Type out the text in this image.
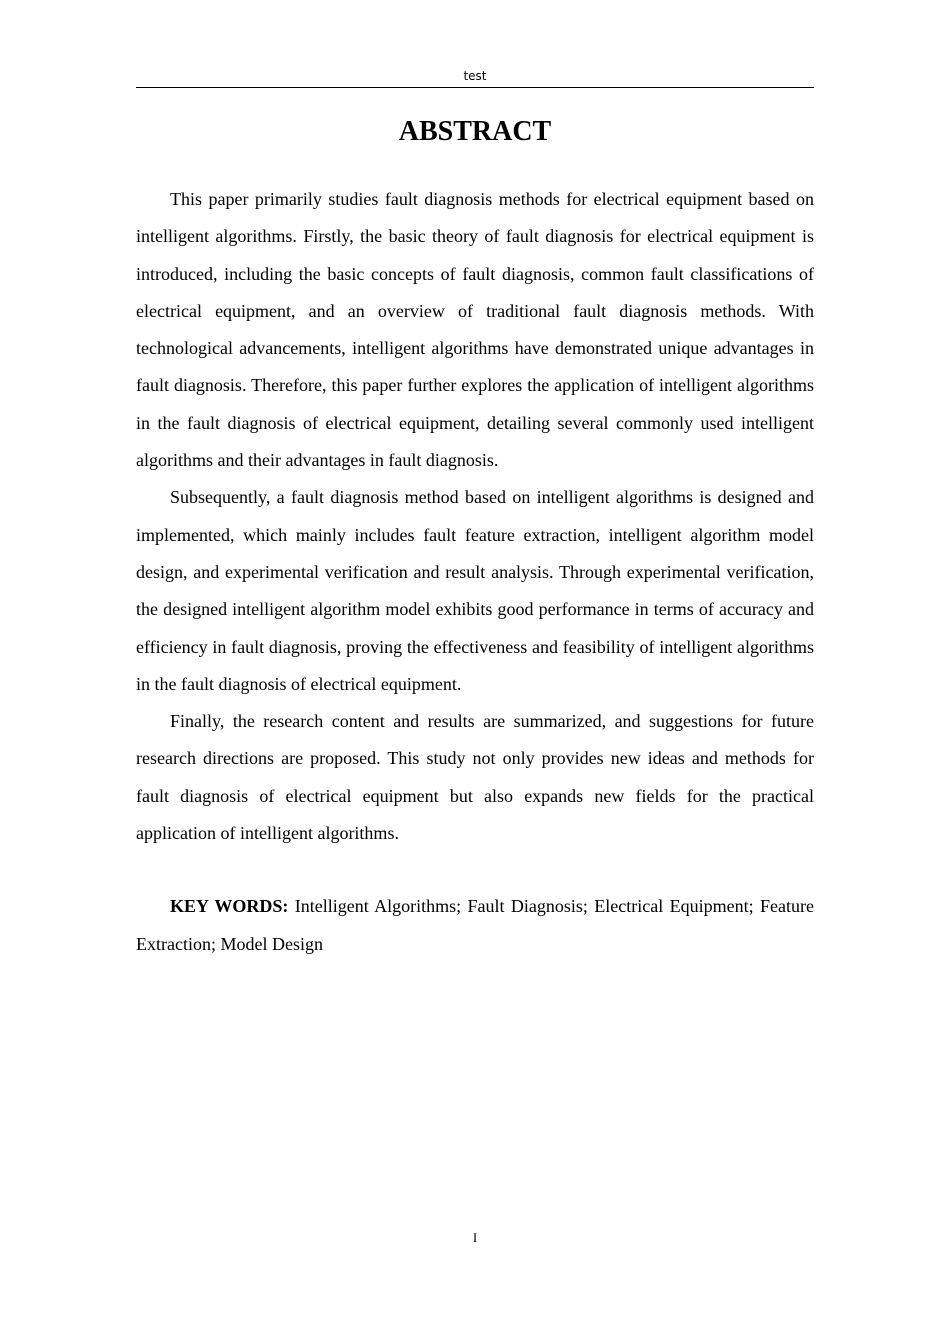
test
ABSTRACT

This paper primarily studies fault diagnosis methods for electrical equipment based on intelligent algorithms. Firstly, the basic theory of fault diagnosis for electrical equipment is introduced, including the basic concepts of fault diagnosis, common fault classifications of electrical equipment, and an overview of traditional fault diagnosis methods. With technological advancements, intelligent algorithms have demonstrated unique advantages in fault diagnosis. Therefore, this paper further explores the application of intelligent algorithms in the fault diagnosis of electrical equipment, detailing several commonly used intelligent algorithms and their advantages in fault diagnosis.

Subsequently, a fault diagnosis method based on intelligent algorithms is designed and implemented, which mainly includes fault feature extraction, intelligent algorithm model design, and experimental verification and result analysis. Through experimental verification, the designed intelligent algorithm model exhibits good performance in terms of accuracy and efficiency in fault diagnosis, proving the effectiveness and feasibility of intelligent algorithms in the fault diagnosis of electrical equipment.

Finally, the research content and results are summarized, and suggestions for future research directions are proposed. This study not only provides new ideas and methods for fault diagnosis of electrical equipment but also expands new fields for the practical application of intelligent algorithms.

KEY WORDS: Intelligent Algorithms; Fault Diagnosis; Electrical Equipment; Feature Extraction; Model Design

I
